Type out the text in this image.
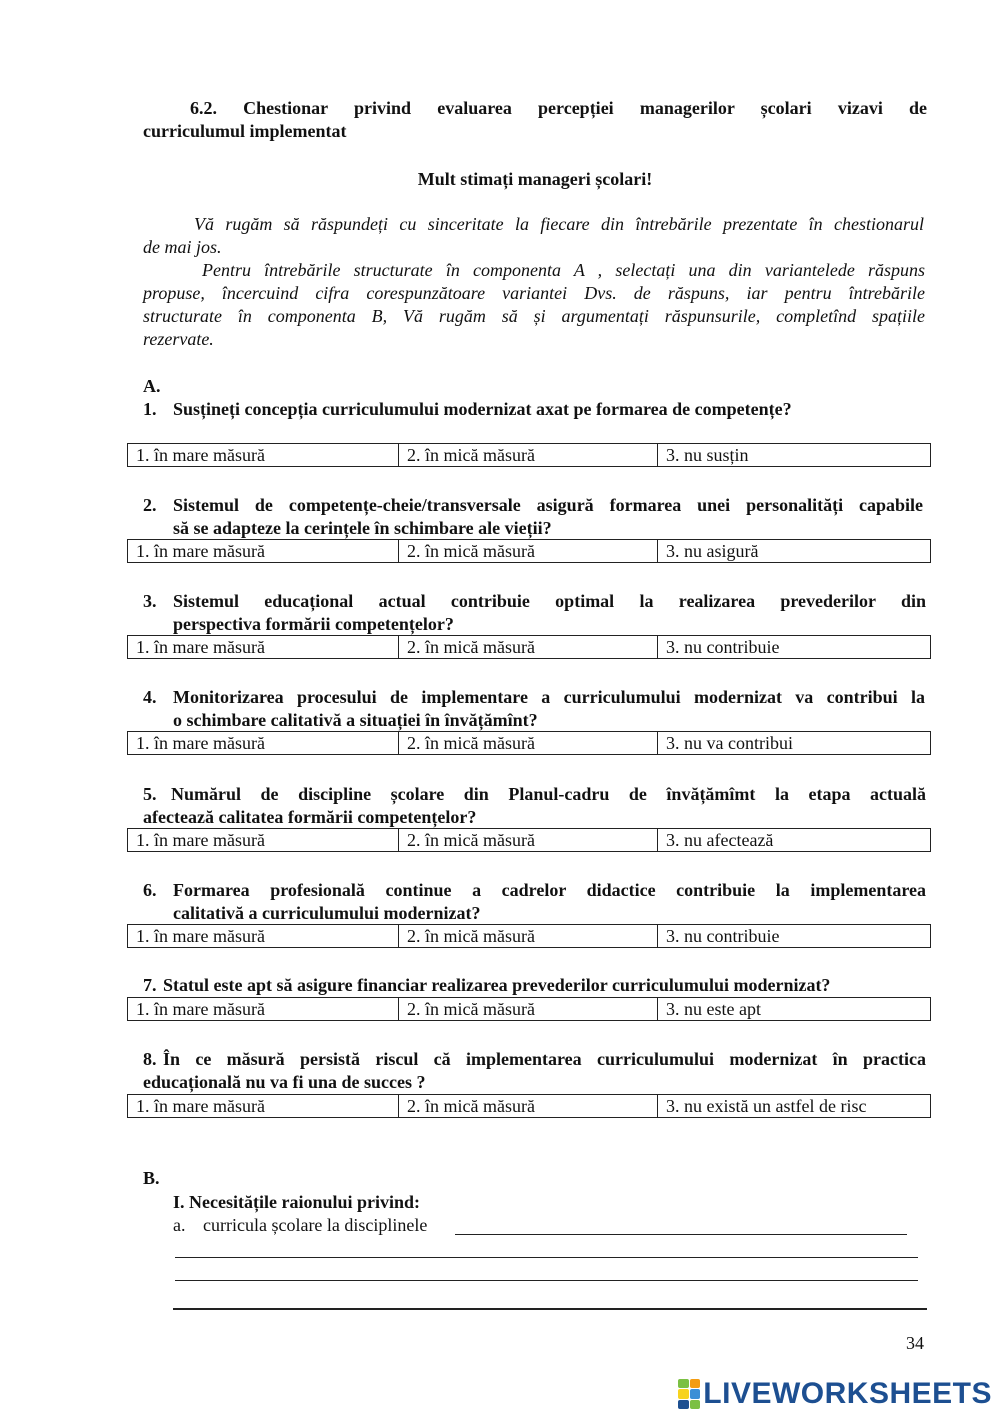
6.2. Chestionar privind evaluarea percepției managerilor școlari vizavi de
curriculumul implementat
Mult stimați manageri școlari!
Vă rugăm să răspundeți cu sinceritate la fiecare din întrebările prezentate în chestionarul
de mai jos.
Pentru întrebările structurate în componenta A , selectați una din variantelede răspuns
propuse, încercuind cifra corespunzătoare variantei Dvs. de răspuns, iar pentru întrebările
structurate în componenta B, Vă rugăm să și argumentați răspunsurile, completînd spațiile
rezervate.
A.
1. Susțineți concepția curriculumului modernizat axat pe formarea de competențe?
1. în mare măsură	2. în mică măsură	3. nu susțin
2. Sistemul de competențe-cheie/transversale asigură formarea unei personalități capabile
să se adapteze la cerințele în schimbare ale vieții?
1. în mare măsură	2. în mică măsură	3. nu asigură
3. Sistemul educațional actual contribuie optimal la realizarea prevederilor din
perspectiva formării competențelor?
1. în mare măsură	2. în mică măsură	3. nu contribuie
4. Monitorizarea procesului de implementare a curriculumului modernizat va contribui la
o schimbare calitativă a situației în învățămînt?
1. în mare măsură	2. în mică măsură	3. nu va contribui
5. Numărul de discipline școlare din Planul-cadru de învățămîmt la etapa actuală
afectează calitatea formării competențelor?
1. în mare măsură	2. în mică măsură	3. nu afectează
6. Formarea profesională continue a cadrelor didactice contribuie la implementarea
calitativă a curriculumului modernizat?
1. în mare măsură	2. în mică măsură	3. nu contribuie
7. Statul este apt să asigure financiar realizarea prevederilor curriculumului modernizat?
1. în mare măsură	2. în mică măsură	3. nu este apt
8. În ce măsură persistă riscul că implementarea curriculumului modernizat în practica
educațională nu va fi una de succes ?
1. în mare măsură	2. în mică măsură	3. nu există un astfel de risc
B.
I. Necesitățile raionului privind:
a. curricula școlare la disciplinele
34
LIVEWORKSHEETS
